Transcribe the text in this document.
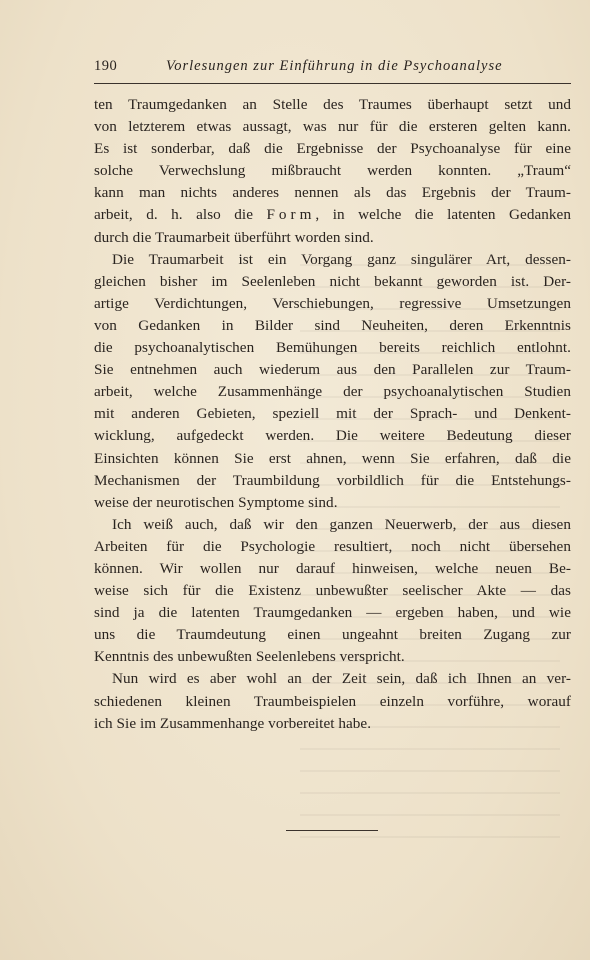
190	Vorlesungen zur Einführung in die Psychoanalyse
ten Traumgedanken an Stelle des Traumes überhaupt setzt und
von letzterem etwas aussagt, was nur für die ersteren gelten kann.
Es ist sonderbar, daß die Ergebnisse der Psychoanalyse für eine
solche Verwechslung mißbraucht werden konnten. „Traum“
kann man nichts anderes nennen als das Ergebnis der Traum-
arbeit, d. h. also die Form, in welche die latenten Gedanken
durch die Traumarbeit überführt worden sind.
Die Traumarbeit ist ein Vorgang ganz singulärer Art, dessen-
gleichen bisher im Seelenleben nicht bekannt geworden ist. Der-
artige Verdichtungen, Verschiebungen, regressive Umsetzungen
von Gedanken in Bilder sind Neuheiten, deren Erkenntnis
die psychoanalytischen Bemühungen bereits reichlich entlohnt.
Sie entnehmen auch wiederum aus den Parallelen zur Traum-
arbeit, welche Zusammenhänge der psychoanalytischen Studien
mit anderen Gebieten, speziell mit der Sprach- und Denkent-
wicklung, aufgedeckt werden. Die weitere Bedeutung dieser
Einsichten können Sie erst ahnen, wenn Sie erfahren, daß die
Mechanismen der Traumbildung vorbildlich für die Entstehungs-
weise der neurotischen Symptome sind.
Ich weiß auch, daß wir den ganzen Neuerwerb, der aus diesen
Arbeiten für die Psychologie resultiert, noch nicht übersehen
können. Wir wollen nur darauf hinweisen, welche neuen Be-
weise sich für die Existenz unbewußter seelischer Akte — das
sind ja die latenten Traumgedanken — ergeben haben, und wie
uns die Traumdeutung einen ungeahnt breiten Zugang zur
Kenntnis des unbewußten Seelenlebens verspricht.
Nun wird es aber wohl an der Zeit sein, daß ich Ihnen an ver-
schiedenen kleinen Traumbeispielen einzeln vorführe, worauf
ich Sie im Zusammenhange vorbereitet habe.
